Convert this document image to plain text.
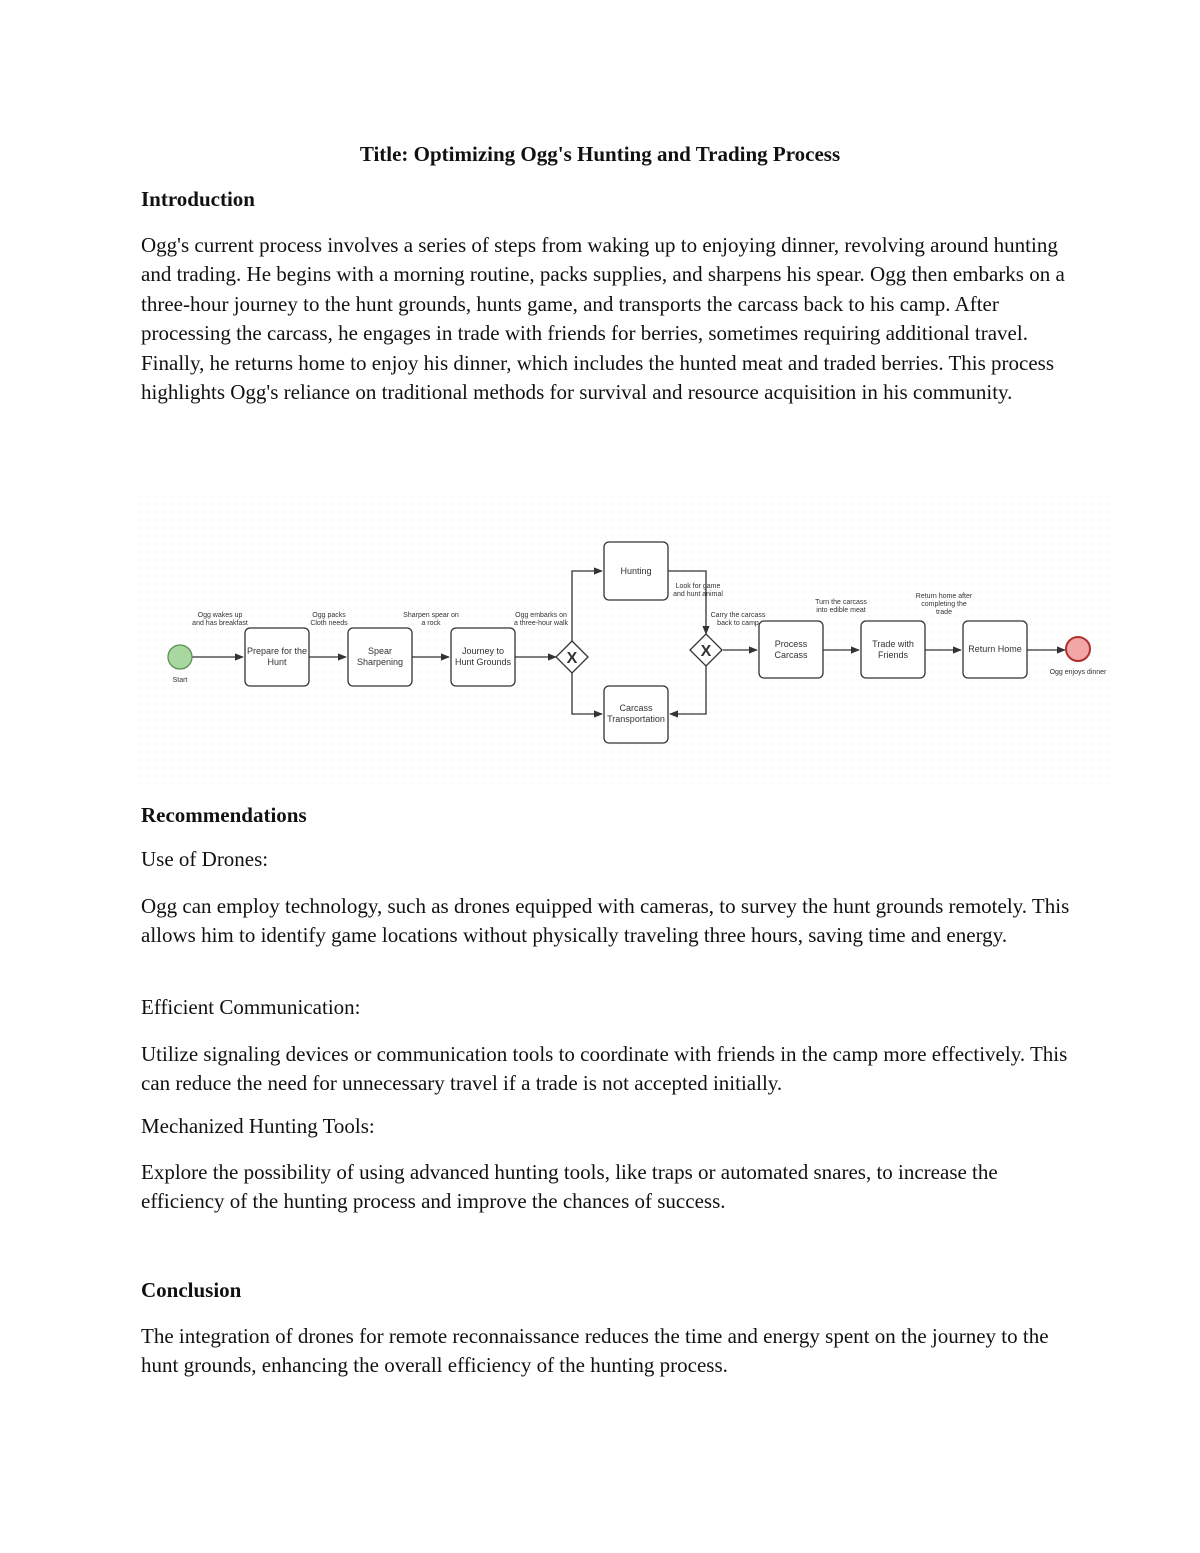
Title: Optimizing Ogg's Hunting and Trading Process
Introduction

Ogg's current process involves a series of steps from waking up to enjoying dinner, revolving around hunting and trading. He begins with a morning routine, packs supplies, and sharpens his spear. Ogg then embarks on a three-hour journey to the hunt grounds, hunts game, and transports the carcass back to his camp. After processing the carcass, he engages in trade with friends for berries, sometimes requiring additional travel. Finally, he returns home to enjoy his dinner, which includes the hunted meat and traded berries. This process highlights Ogg's reliance on traditional methods for survival and resource acquisition in his community.

Start
Ogg enjoys dinner
X	X
Prepare for the
Hunt
Spear
Sharpening
Journey to
Hunt Grounds
Hunting
Carcass
Transportation
Process
Carcass
Trade with
Friends
Return Home
Ogg wakes up
and has breakfast
Ogg packs
Cloth needs
Sharpen spear on
a rock
Ogg embarks on
a three-hour walk
Look for game
and hunt animal
Carry the carcass
back to camp
Turn the carcass
into edible meat
Return home after
completing the
trade
Recommendations

Use of Drones:

Ogg can employ technology, such as drones equipped with cameras, to survey the hunt grounds remotely. This allows him to identify game locations without physically traveling three hours, saving time and energy.

Efficient Communication:

Utilize signaling devices or communication tools to coordinate with friends in the camp more effectively. This can reduce the need for unnecessary travel if a trade is not accepted initially.

Mechanized Hunting Tools:

Explore the possibility of using advanced hunting tools, like traps or automated snares, to increase the efficiency of the hunting process and improve the chances of success.

Conclusion

The integration of drones for remote reconnaissance reduces the time and energy spent on the journey to the hunt grounds, enhancing the overall efficiency of the hunting process.
